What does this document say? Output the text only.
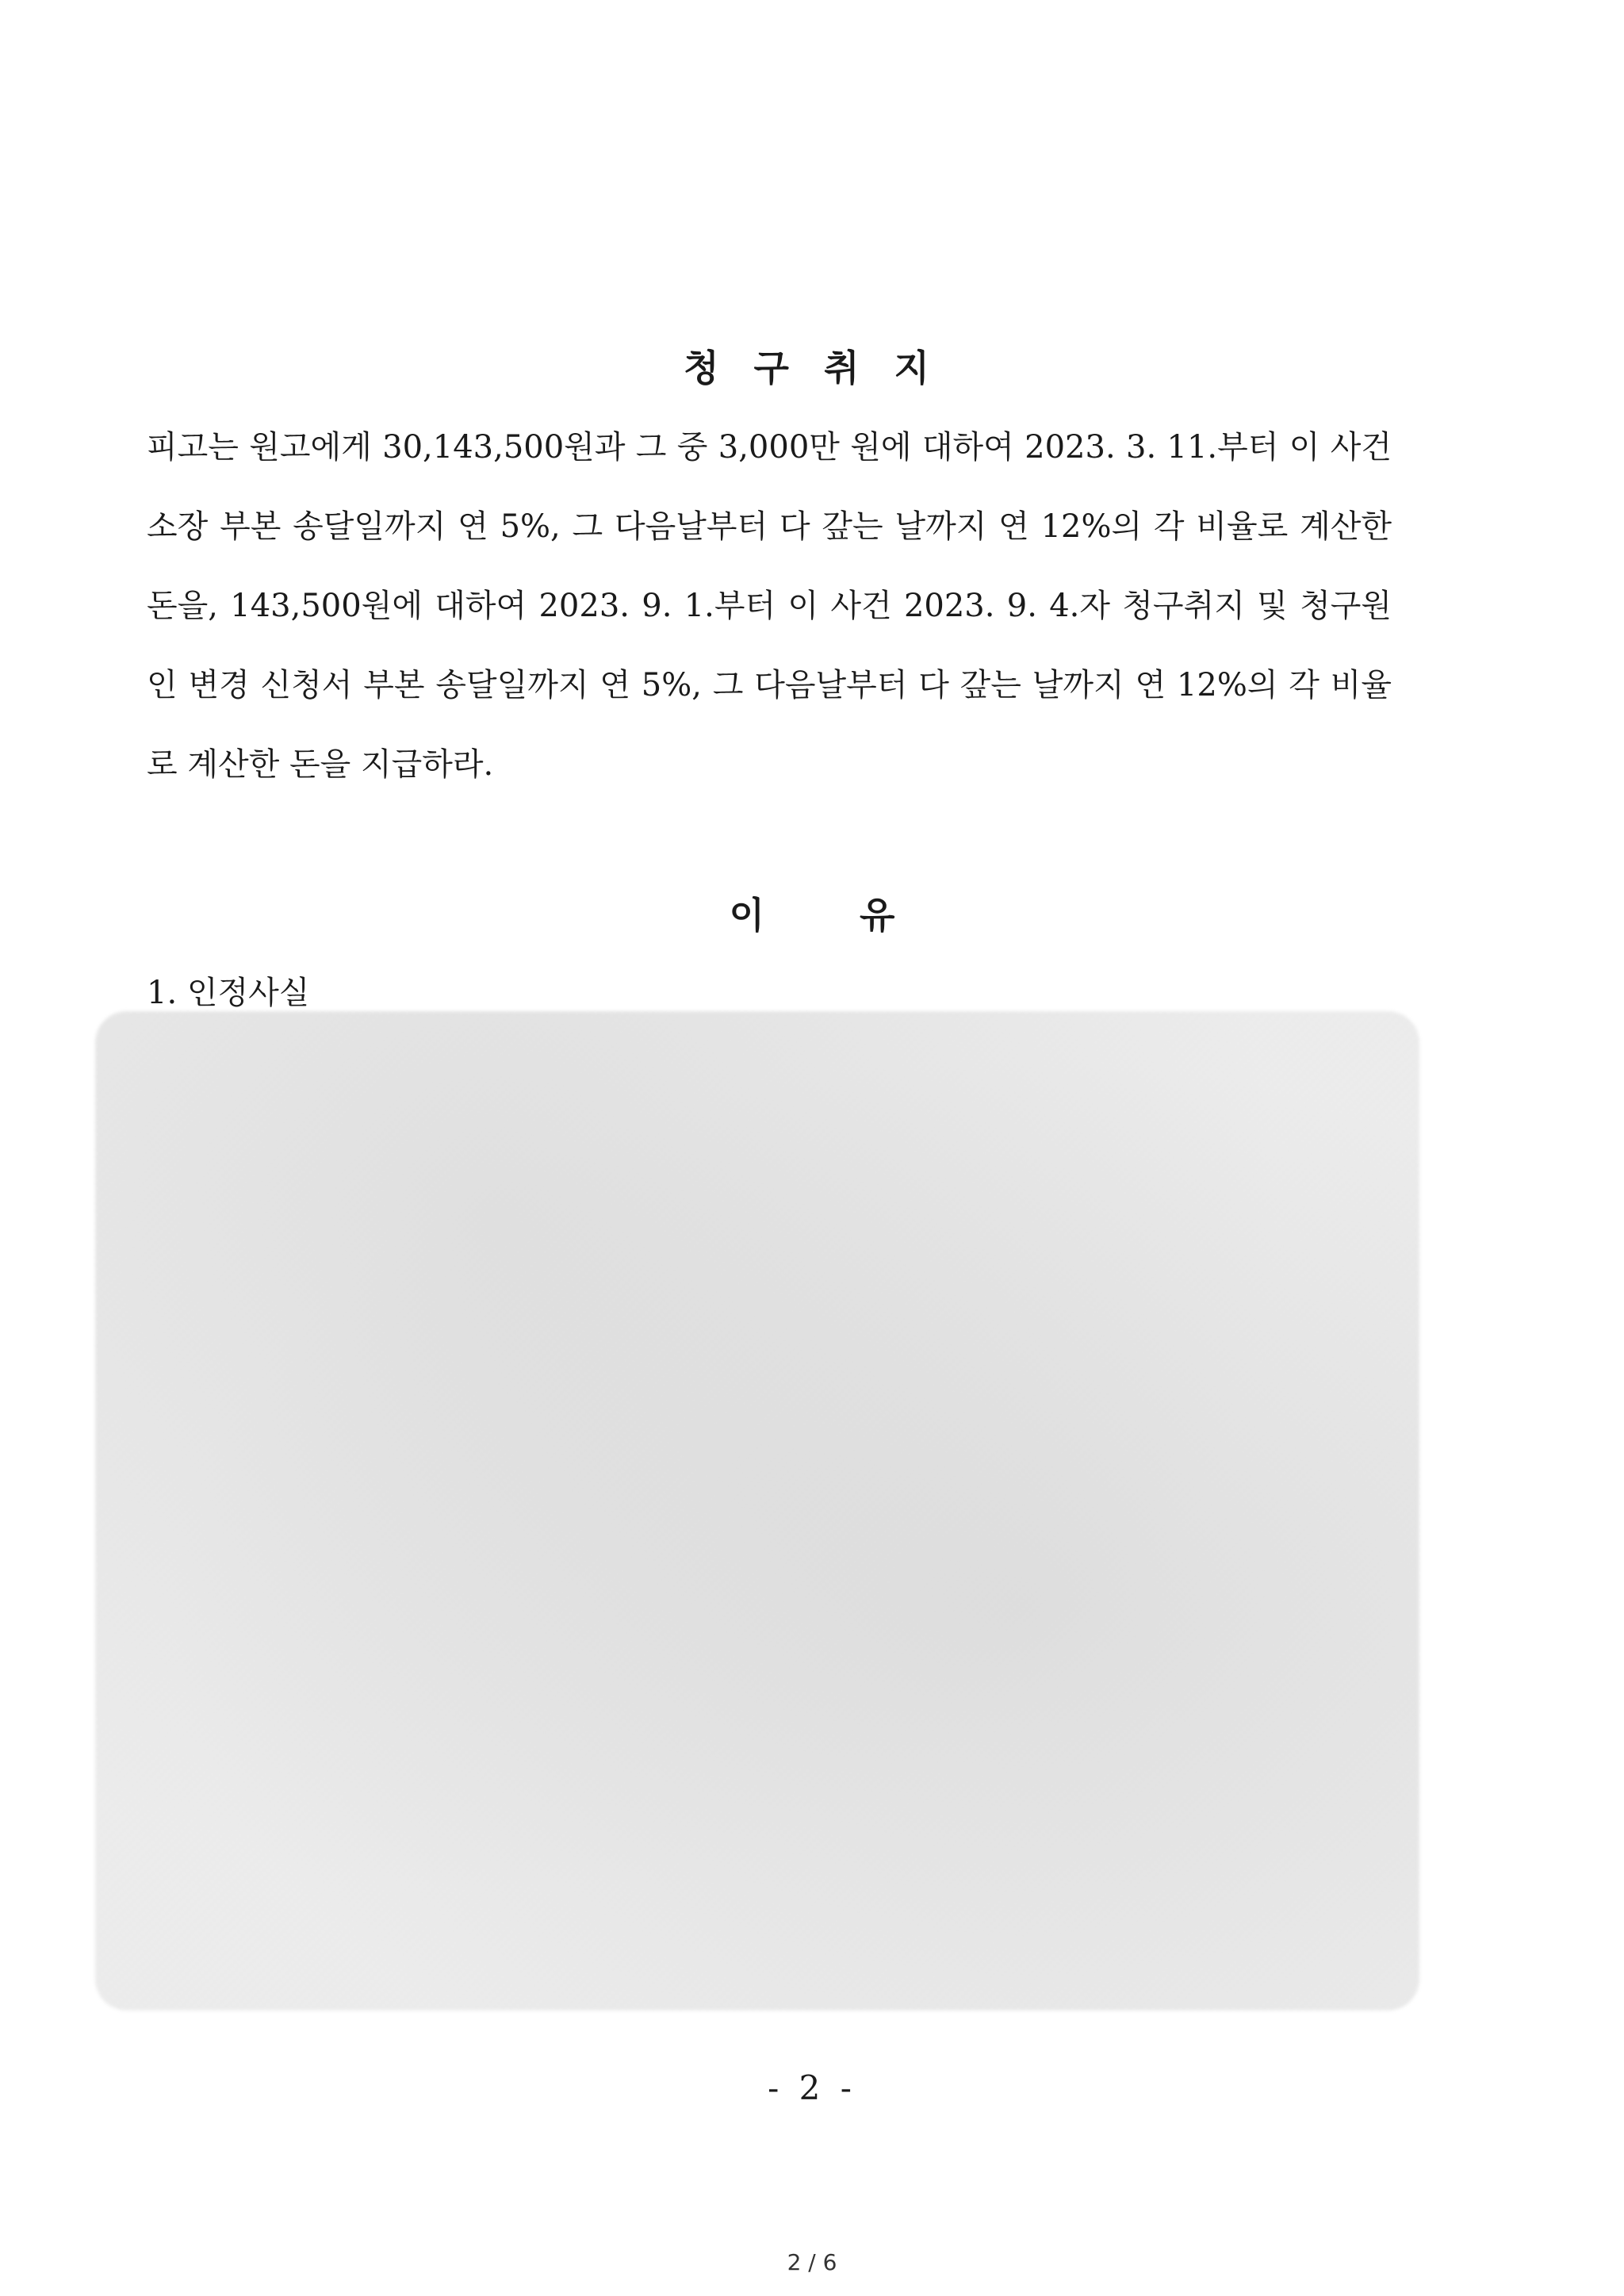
청 구 취 지
피고는 원고에게 30,143,500원과 그 중 3,000만 원에 대하여 2023. 3. 11.부터 이 사건 소장 부본 송달일까지 연 5%, 그 다음날부터 다 갚는 날까지 연 12%의 각 비율로 계산한 돈을, 143,500원에 대하여 2023. 9. 1.부터 이 사건 2023. 9. 4.자 청구취지 및 청구원인 변경 신청서 부본 송달일까지 연 5%, 그 다음날부터 다 갚는 날까지 연 12%의 각 비율로 계산한 돈을 지급하라.
이	유
1. 인정사실
- 2 -
2 / 6
